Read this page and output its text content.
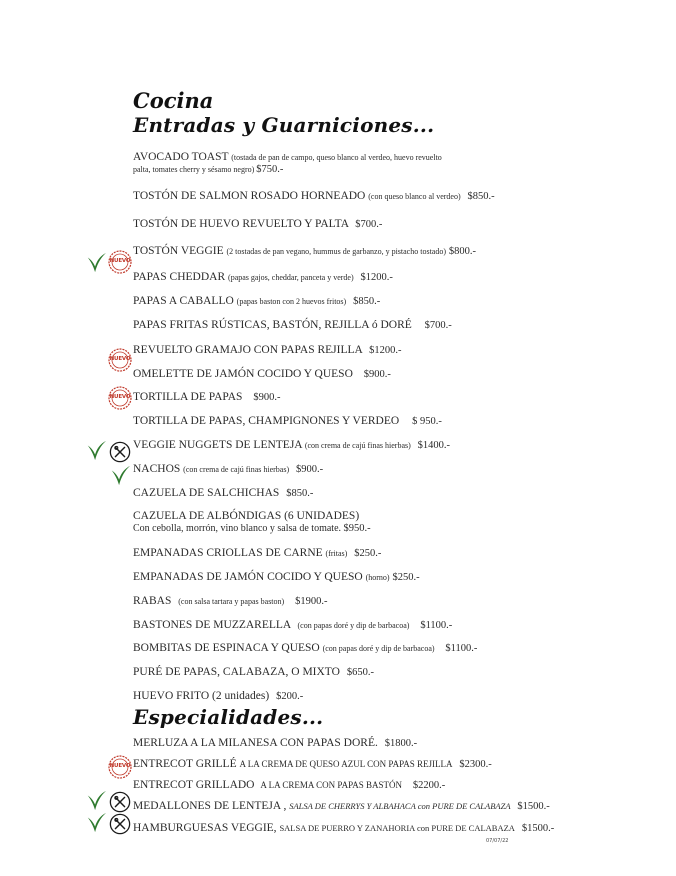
Cocina
Entradas y Guarniciones...
AVOCADO TOAST (tostada de pan de campo, queso blanco al verdeo, huevo revuelto
palta, tomates cherry y sésamo negro) $750.-
TOSTÓN DE SALMON ROSADO HORNEADO (con queso blanco al verdeo) $850.-
TOSTÓN DE HUEVO REVUELTO Y PALTA $700.-
TOSTÓN VEGGIE (2 tostadas de pan vegano, hummus de garbanzo, y pistacho tostado) $800.-
PAPAS CHEDDAR (papas gajos, cheddar, panceta y verde) $1200.-
PAPAS A CABALLO (papas baston con 2 huevos fritos) $850.-
PAPAS FRITAS RÚSTICAS, BASTÓN, REJILLA ó DORÉ $700.-
REVUELTO GRAMAJO CON PAPAS REJILLA $1200.-
OMELETTE DE JAMÓN COCIDO Y QUESO $900.-
TORTILLA DE PAPAS $900.-
TORTILLA DE PAPAS, CHAMPIGNONES Y VERDEO $ 950.-
VEGGIE NUGGETS DE LENTEJA (con crema de cajú finas hierbas) $1400.-
NACHOS (con crema de cajú finas hierbas) $900.-
CAZUELA DE SALCHICHAS $850.-
CAZUELA DE ALBÓNDIGAS (6 UNIDADES)
Con cebolla, morrón, vino blanco y salsa de tomate. $950.-
EMPANADAS CRIOLLAS DE CARNE (fritas) $250.-
EMPANADAS DE JAMÓN COCIDO Y QUESO (horno) $250.-
RABAS (con salsa tartara y papas baston) $1900.-
BASTONES DE MUZZARELLA (con papas doré y dip de barbacoa) $1100.-
BOMBITAS DE ESPINACA Y QUESO (con papas doré y dip de barbacoa) $1100.-
PURÉ DE PAPAS, CALABAZA, O MIXTO $650.-
HUEVO FRITO (2 unidades) $200.-
Especialidades...
MERLUZA A LA MILANESA CON PAPAS DORÉ. $1800.-
ENTRECOT GRILLÉ A LA CREMA DE QUESO AZUL CON PAPAS REJILLA $2300.-
ENTRECOT GRILLADO A LA CREMA CON PAPAS BASTÓN $2200.-
MEDALLONES DE LENTEJA , SALSA DE CHERRYS Y ALBAHACA con PURE DE CALABAZA $1500.-
HAMBURGUESAS VEGGIE, SALSA DE PUERRO Y ZANAHORIA con PURE DE CALABAZA $1500.-
07/07/22
NUEVO
NUEVO
NUEVO
NUEVO
